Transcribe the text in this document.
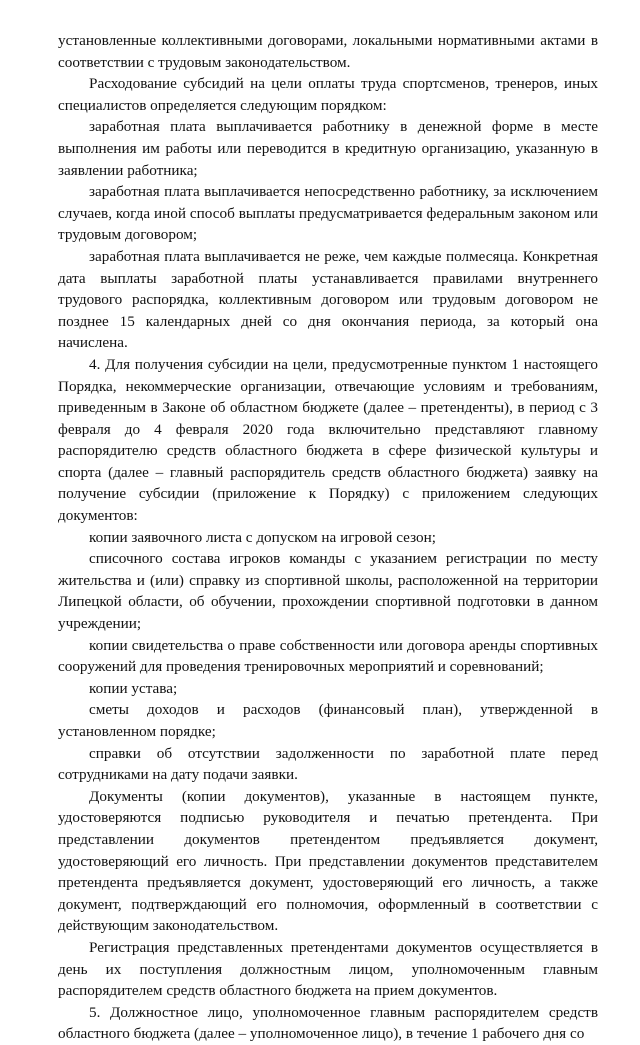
установленные коллективными договорами, локальными нормативными актами в соответствии с трудовым законодательством.

Расходование субсидий на цели оплаты труда спортсменов, тренеров, иных специалистов определяется следующим порядком:

заработная плата выплачивается работнику в денежной форме в месте выполнения им работы или переводится в кредитную организацию, указанную в заявлении работника;

заработная плата выплачивается непосредственно работнику, за исключением случаев, когда иной способ выплаты предусматривается федеральным законом или трудовым договором;

заработная плата выплачивается не реже, чем каждые полмесяца. Конкретная дата выплаты заработной платы устанавливается правилами внутреннего трудового распорядка, коллективным договором или трудовым договором не позднее 15 календарных дней со дня окончания периода, за который она начислена.

4. Для получения субсидии на цели, предусмотренные пунктом 1 настоящего Порядка, некоммерческие организации, отвечающие условиям и требованиям, приведенным в Законе об областном бюджете (далее – претенденты), в период с 3 февраля до 4 февраля 2020 года включительно представляют главному распорядителю средств областного бюджета в сфере физической культуры и спорта (далее – главный распорядитель средств областного бюджета) заявку на получение субсидии (приложение к Порядку) с приложением следующих документов:

копии заявочного листа с допуском на игровой сезон;

списочного состава игроков команды с указанием регистрации по месту жительства и (или) справку из спортивной школы, расположенной на территории Липецкой области, об обучении, прохождении спортивной подготовки в данном учреждении;

копии свидетельства о праве собственности или договора аренды спортивных сооружений для проведения тренировочных мероприятий и соревнований;

копии устава;

сметы доходов и расходов (финансовый план), утвержденной в установленном порядке;

справки об отсутствии задолженности по заработной плате перед сотрудниками на дату подачи заявки.

Документы (копии документов), указанные в настоящем пункте, удостоверяются подписью руководителя и печатью претендента. При представлении документов претендентом предъявляется документ, удостоверяющий его личность. При представлении документов представителем претендента предъявляется документ, удостоверяющий его личность, а также документ, подтверждающий его полномочия, оформленный в соответствии с действующим законодательством.

Регистрация представленных претендентами документов осуществляется в день их поступления должностным лицом, уполномоченным главным распорядителем средств областного бюджета на прием документов.

5. Должностное лицо, уполномоченное главным распорядителем средств областного бюджета (далее – уполномоченное лицо), в течение 1 рабочего дня со
